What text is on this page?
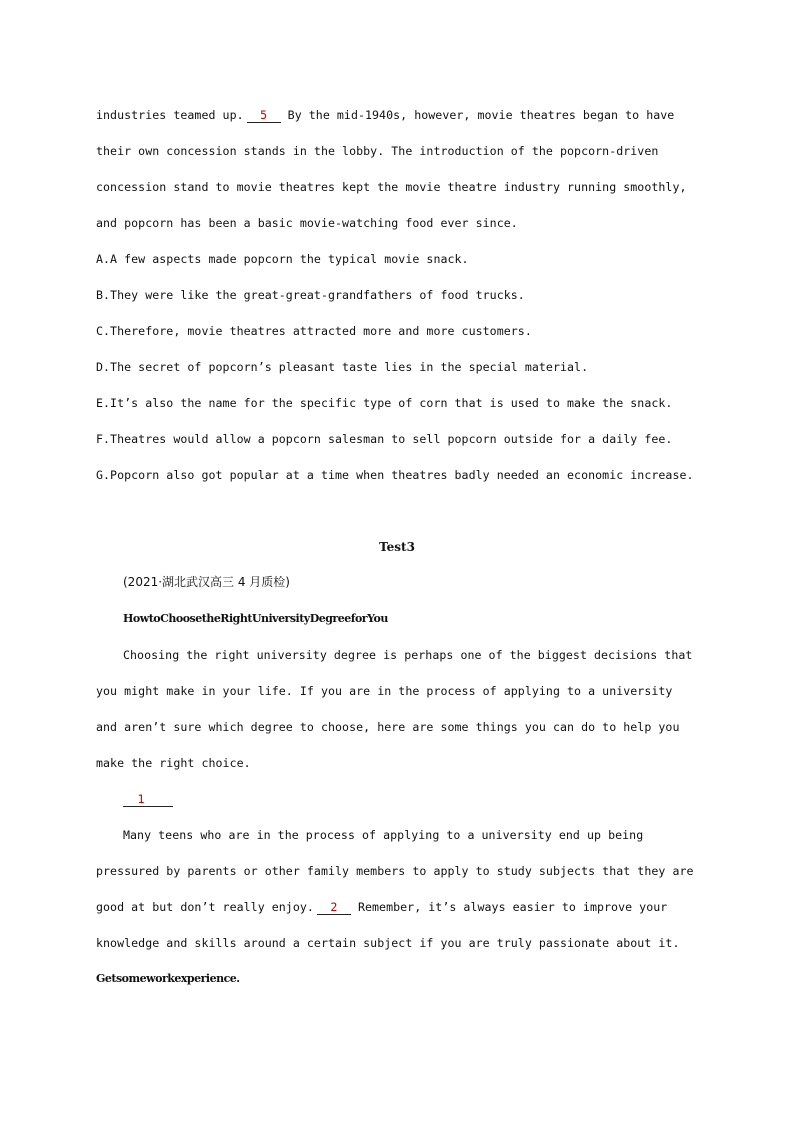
industries teamed up. 5 By the mid-1940s, however, movie theatres began to have
their own concession stands in the lobby. The introduction of the popcorn-driven
concession stand to movie theatres kept the movie theatre industry running smoothly,
and popcorn has been a basic movie-watching food ever since.
A.A few aspects made popcorn the typical movie snack.
B.They were like the great-great-grandfathers of food trucks.
C.Therefore, movie theatres attracted more and more customers.
D.The secret of popcorn’s pleasant taste lies in the special material.
E.It’s also the name for the specific type of corn that is used to make the snack.
F.Theatres would allow a popcorn salesman to sell popcorn outside for a daily fee.
G.Popcorn also got popular at a time when theatres badly needed an economic increase.
Test3
(2021·湖北武汉高三 4 月质检)
HowtoChoosetheRightUniversityDegreeforYou
Choosing the right university degree is perhaps one of the biggest decisions that
you might make in your life. If you are in the process of applying to a university
and aren’t sure which degree to choose, here are some things you can do to help you
make the right choice.
1
Many teens who are in the process of applying to a university end up being
pressured by parents or other family members to apply to study subjects that they are
good at but don’t really enjoy. 2 Remember, it’s always easier to improve your
knowledge and skills around a certain subject if you are truly passionate about it.
Getsomeworkexperience.
